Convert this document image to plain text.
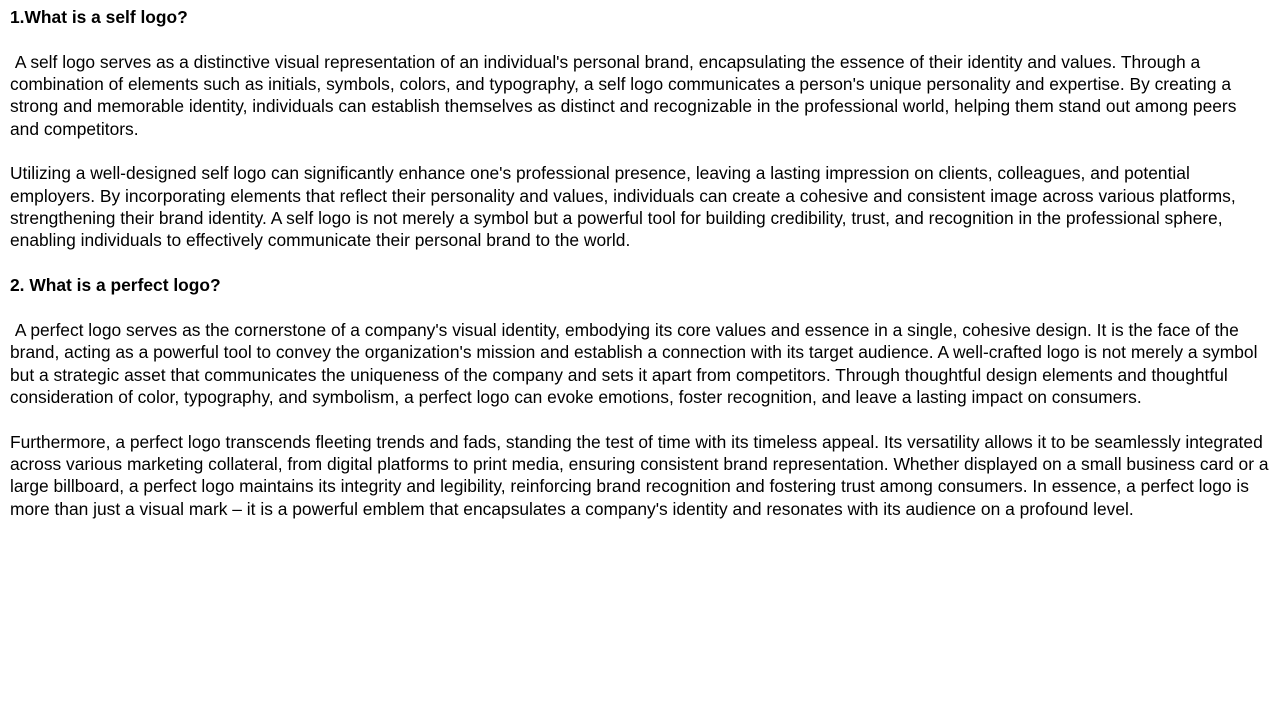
1.What is a self logo?
A self logo serves as a distinctive visual representation of an individual's personal brand, encapsulating the essence of their identity and values. Through a combination of elements such as initials, symbols, colors, and typography, a self logo communicates a person's unique personality and expertise. By creating a strong and memorable identity, individuals can establish themselves as distinct and recognizable in the professional world, helping them stand out among peers and competitors.
Utilizing a well-designed self logo can significantly enhance one's professional presence, leaving a lasting impression on clients, colleagues, and potential employers. By incorporating elements that reflect their personality and values, individuals can create a cohesive and consistent image across various platforms, strengthening their brand identity. A self logo is not merely a symbol but a powerful tool for building credibility, trust, and recognition in the professional sphere, enabling individuals to effectively communicate their personal brand to the world.
2. What is a perfect logo?
A perfect logo serves as the cornerstone of a company's visual identity, embodying its core values and essence in a single, cohesive design. It is the face of the brand, acting as a powerful tool to convey the organization's mission and establish a connection with its target audience. A well-crafted logo is not merely a symbol but a strategic asset that communicates the uniqueness of the company and sets it apart from competitors. Through thoughtful design elements and thoughtful consideration of color, typography, and symbolism, a perfect logo can evoke emotions, foster recognition, and leave a lasting impact on consumers.
Furthermore, a perfect logo transcends fleeting trends and fads, standing the test of time with its timeless appeal. Its versatility allows it to be seamlessly integrated across various marketing collateral, from digital platforms to print media, ensuring consistent brand representation. Whether displayed on a small business card or a large billboard, a perfect logo maintains its integrity and legibility, reinforcing brand recognition and fostering trust among consumers. In essence, a perfect logo is more than just a visual mark – it is a powerful emblem that encapsulates a company's identity and resonates with its audience on a profound level.
